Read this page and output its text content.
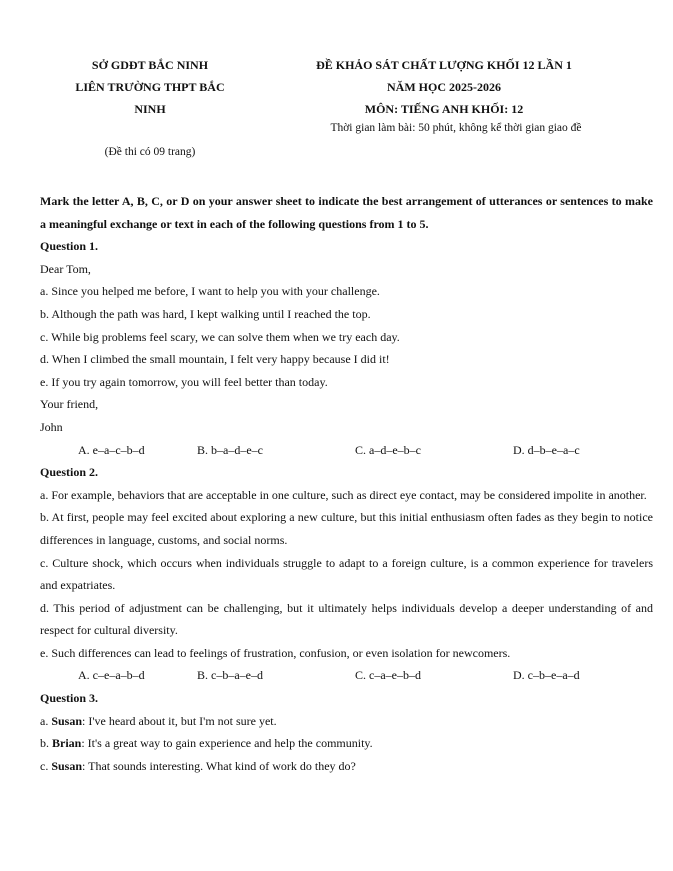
SỞ GDĐT BẮC NINH
LIÊN TRƯỜNG THPT BẮC
NINH
ĐỀ KHẢO SÁT CHẤT LƯỢNG KHỐI 12 LẦN 1
NĂM HỌC 2025-2026
MÔN: TIẾNG ANH KHỐI: 12
Thời gian làm bài: 50 phút, không kể thời gian giao đề
(Đề thi có 09 trang)
Mark the letter A, B, C, or D on your answer sheet to indicate the best arrangement of utterances or sentences to make a meaningful exchange or text in each of the following questions from 1 to 5.
Question 1.
Dear Tom,
a. Since you helped me before, I want to help you with your challenge.
b. Although the path was hard, I kept walking until I reached the top.
c. While big problems feel scary, we can solve them when we try each day.
d. When I climbed the small mountain, I felt very happy because I did it!
e. If you try again tomorrow, you will feel better than today.
Your friend,
John
A. e–a–c–b–d	B. b–a–d–e–c	C. a–d–e–b–c	D. d–b–e–a–c
Question 2.
a. For example, behaviors that are acceptable in one culture, such as direct eye contact, may be considered impolite in another.
b. At first, people may feel excited about exploring a new culture, but this initial enthusiasm often fades as they begin to notice differences in language, customs, and social norms.
c. Culture shock, which occurs when individuals struggle to adapt to a foreign culture, is a common experience for travelers and expatriates.
d. This period of adjustment can be challenging, but it ultimately helps individuals develop a deeper understanding of and respect for cultural diversity.
e. Such differences can lead to feelings of frustration, confusion, or even isolation for newcomers.
A. c–e–a–b–d	B. c–b–a–e–d	C. c–a–e–b–d	D. c–b–e–a–d
Question 3.
a. Susan: I've heard about it, but I'm not sure yet.
b. Brian: It's a great way to gain experience and help the community.
c. Susan: That sounds interesting. What kind of work do they do?
